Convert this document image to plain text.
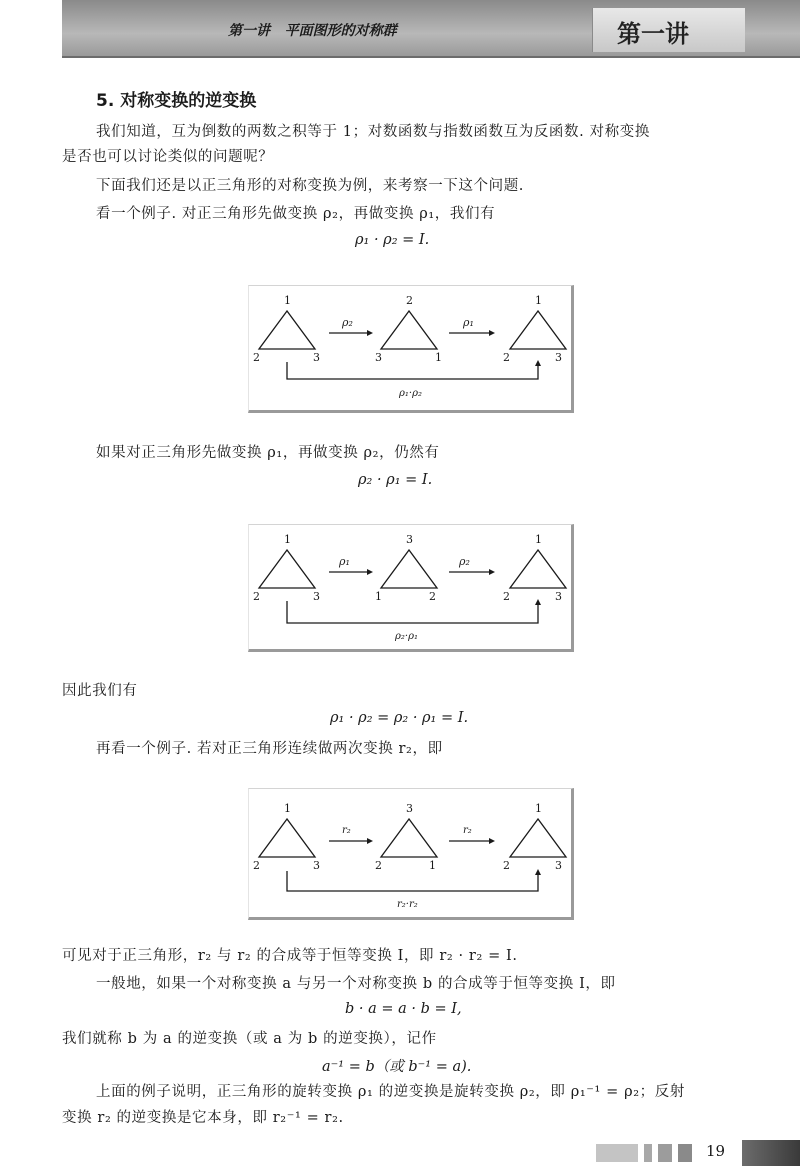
第一讲   平面图形的对称群	第一讲
5. 对称变换的逆变换
我们知道，互为倒数的两数之积等于 1；对数函数与指数函数互为反函数. 对称变换
是否也可以讨论类似的问题呢？
下面我们还是以正三角形的对称变换为例，来考察一下这个问题.
看一个例子. 对正三角形先做变换 ρ₂，再做变换 ρ₁，我们有
ρ₁ · ρ₂ = I.
1
2	3
2
3	1
1
2	3
ρ₂	ρ₁
ρ₁·ρ₂
如果对正三角形先做变换 ρ₁，再做变换 ρ₂，仍然有
ρ₂ · ρ₁ = I.
1
2	3
3
1	2
1
2	3
ρ₁	ρ₂
ρ₂·ρ₁
因此我们有
ρ₁ · ρ₂ = ρ₂ · ρ₁ = I.
再看一个例子. 若对正三角形连续做两次变换 r₂，即
1
2	3
3
2	1
1
2	3
r₂	r₂
r₂·r₂
可见对于正三角形，r₂ 与 r₂ 的合成等于恒等变换 I，即 r₂ · r₂ = I.
一般地，如果一个对称变换 a 与另一个对称变换 b 的合成等于恒等变换 I，即
b · a = a · b = I,
我们就称 b 为 a 的逆变换（或 a 为 b 的逆变换），记作
a⁻¹ = b（或 b⁻¹ = a).
上面的例子说明，正三角形的旋转变换 ρ₁ 的逆变换是旋转变换 ρ₂，即 ρ₁⁻¹ = ρ₂；反射
变换 r₂ 的逆变换是它本身，即 r₂⁻¹ = r₂.
19
